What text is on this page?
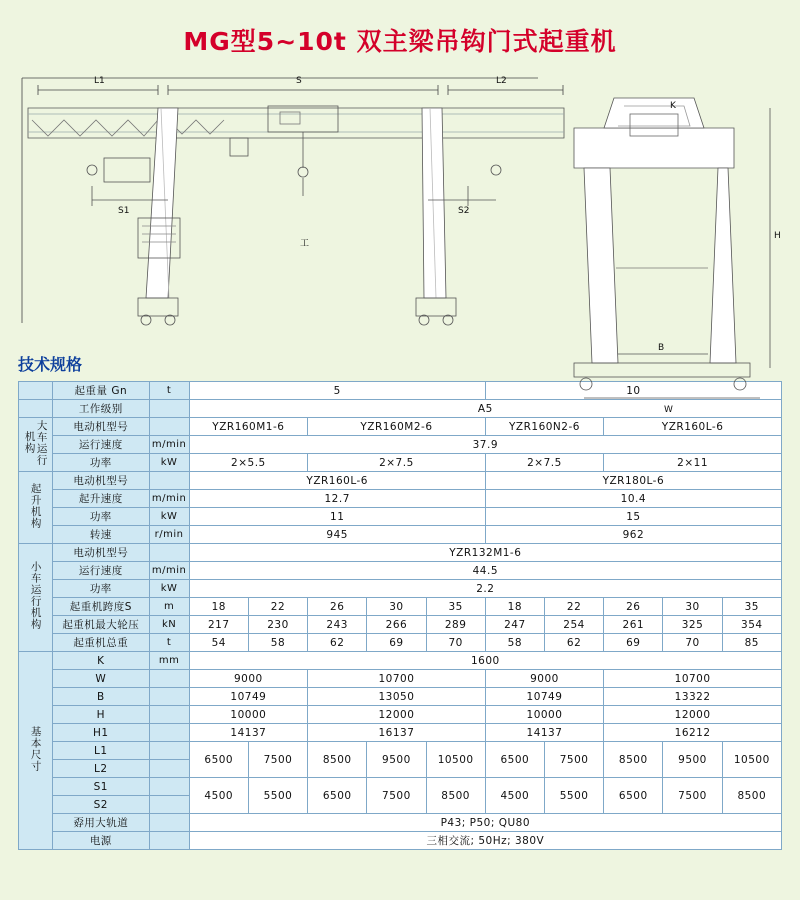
MG型5~10t 双主梁吊钩门式起重机
L1	S	L2
S1	S2
工
K
H
B
W
技术规格
	起重量 Gn	t	5					10				
	工作级别		A5									
大车运行机构	电动机型号		YZR160M1-6		YZR160M2-6			YZR160N2-6		YZR160L-6		
	运行速度	m/min	37.9									
	功率	kW	2×5.5		2×7.5			2×7.5		2×11		
起升机构	电动机型号		YZR160L-6					YZR180L-6				
	起升速度	m/min	12.7					10.4				
	功率	kW	11					15				
	转速	r/min	945					962				
小车运行机构	电动机型号		YZR132M1-6									
	运行速度	m/min	44.5									
	功率	kW	2.2									
	起重机跨度S	m	18	22	26	30	35	18	22	26	30	35
	起重机最大轮压	kN	217	230	243	266	289	247	254	261	325	354
	起重机总重	t	54	58	62	69	70	58	62	69	70	85
基本尺寸	K	mm	1600									
	W		9000		10700			9000		10700		
	B		10749		13050			10749		13322		
	H		10000		12000			10000		12000		
	H1		14137		16137			14137		16212		
	L1		6500	7500	8500	9500	10500	6500	7500	8500	9500	10500
	L2											
	S1		4500	5500	6500	7500	8500	4500	5500	6500	7500	8500
	S2											
	孬用大轨道		P43; P50; QU80									
	电源		三相交流; 50Hz; 380V									
